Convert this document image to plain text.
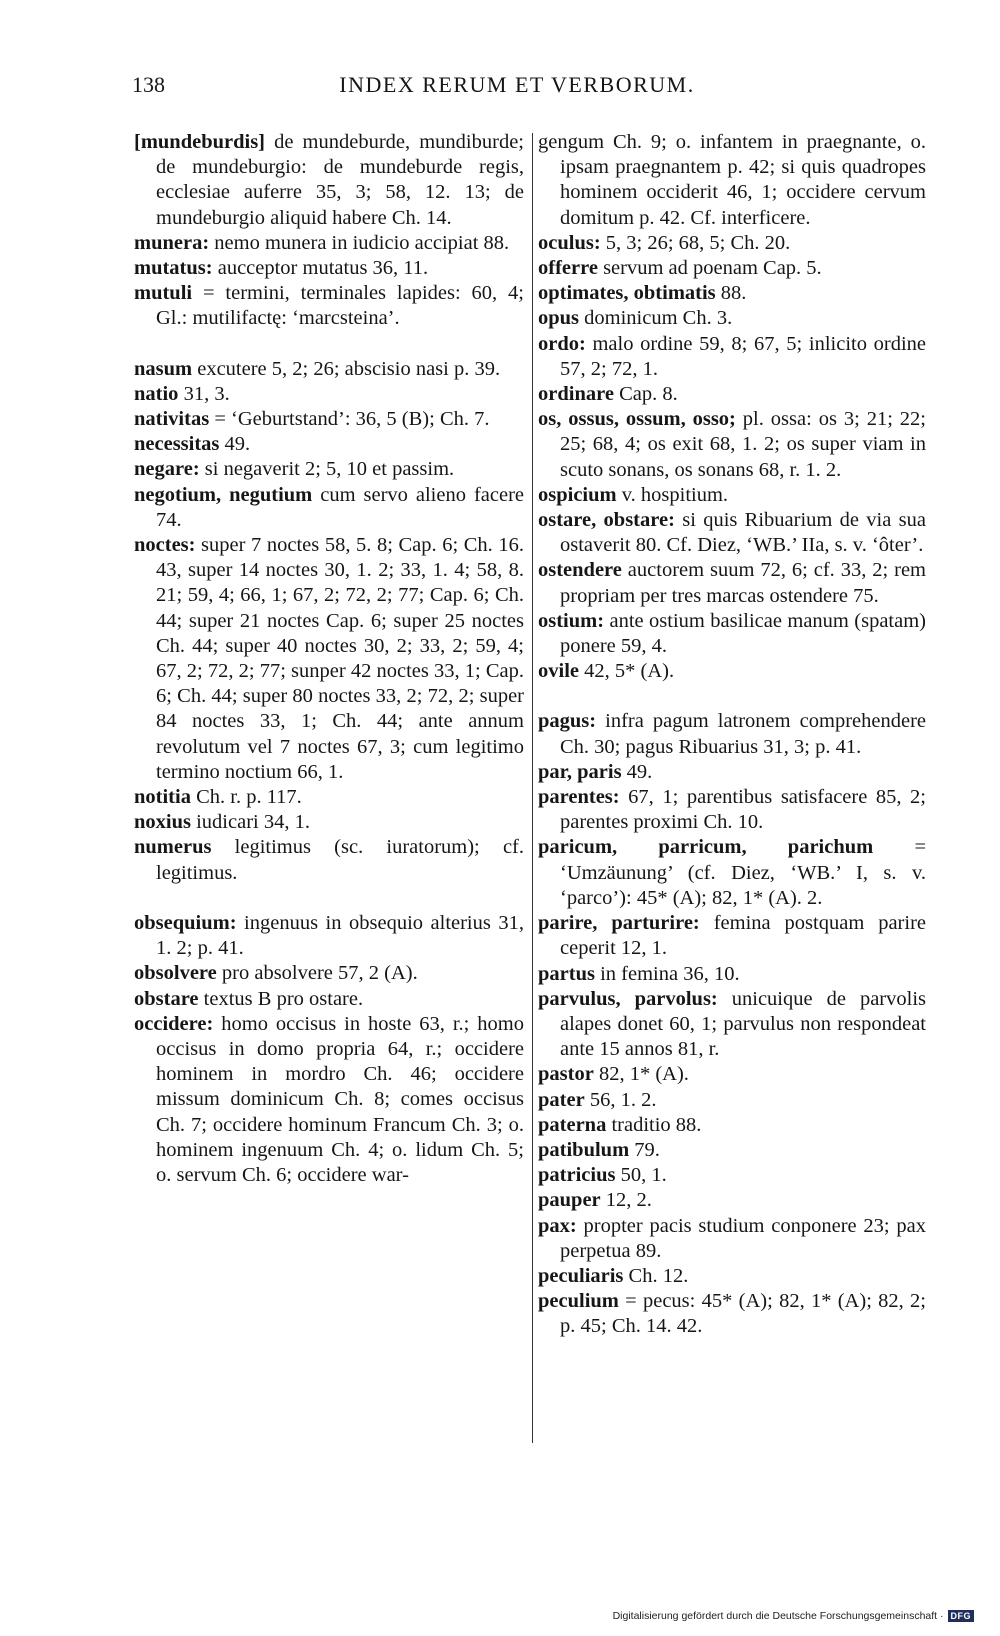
138	INDEX RERUM ET VERBORUM.

[mundeburdis] de mundeburde, mundiburde; de mundeburgio: de mundeburde regis, ecclesiae auferre 35, 3; 58, 12. 13; de mundeburgio aliquid habere Ch. 14.

munera: nemo munera in iudicio accipiat 88.

mutatus: aucceptor mutatus 36, 11.

mutuli = termini, terminales lapides: 60, 4; Gl.: mutilifactę: ‘marcsteina’.

nasum excutere 5, 2; 26; abscisio nasi p. 39.

natio 31, 3.

nativitas = ‘Geburtstand’: 36, 5 (B); Ch. 7.

necessitas 49.

negare: si negaverit 2; 5, 10 et passim.

negotium, negutium cum servo alieno facere 74.

noctes: super 7 noctes 58, 5. 8; Cap. 6; Ch. 16. 43, super 14 noctes 30, 1. 2; 33, 1. 4; 58, 8. 21; 59, 4; 66, 1; 67, 2; 72, 2; 77; Cap. 6; Ch. 44; super 21 noctes Cap. 6; super 25 noctes Ch. 44; super 40 noctes 30, 2; 33, 2; 59, 4; 67, 2; 72, 2; 77; sunper 42 noctes 33, 1; Cap. 6; Ch. 44; super 80 noctes 33, 2; 72, 2; super 84 noctes 33, 1; Ch. 44; ante annum revolutum vel 7 noctes 67, 3; cum legitimo termino noctium 66, 1.

notitia Ch. r. p. 117.

noxius iudicari 34, 1.

numerus legitimus (sc. iuratorum); cf. legitimus.

obsequium: ingenuus in obsequio alterius 31, 1. 2; p. 41.

obsolvere pro absolvere 57, 2 (A).

obstare textus B pro ostare.

occidere: homo occisus in hoste 63, r.; homo occisus in domo propria 64, r.; occidere hominem in mordro Ch. 46; occidere missum dominicum Ch. 8; comes occisus Ch. 7; occidere hominum Francum Ch. 3; o. hominem ingenuum Ch. 4; o. lidum Ch. 5; o. servum Ch. 6; occidere war-

gengum Ch. 9; o. infantem in praegnante, o. ipsam praegnantem p. 42; si quis quadropes hominem occiderit 46, 1; occidere cervum domitum p. 42. Cf. interficere.

oculus: 5, 3; 26; 68, 5; Ch. 20.

offerre servum ad poenam Cap. 5.

optimates, obtimatis 88.

opus dominicum Ch. 3.

ordo: malo ordine 59, 8; 67, 5; inlicito ordine 57, 2; 72, 1.

ordinare Cap. 8.

os, ossus, ossum, osso; pl. ossa: os 3; 21; 22; 25; 68, 4; os exit 68, 1. 2; os super viam in scuto sonans, os sonans 68, r. 1. 2.

ospicium v. hospitium.

ostare, obstare: si quis Ribuarium de via sua ostaverit 80. Cf. Diez, ‘WB.’ IIa, s. v. ‘ôter’.

ostendere auctorem suum 72, 6; cf. 33, 2; rem propriam per tres marcas ostendere 75.

ostium: ante ostium basilicae manum (spatam) ponere 59, 4.

ovile 42, 5* (A).

pagus: infra pagum latronem comprehendere Ch. 30; pagus Ribuarius 31, 3; p. 41.

par, paris 49.

parentes: 67, 1; parentibus satisfacere 85, 2; parentes proximi Ch. 10.

paricum, parricum, parichum = ‘Umzäunung’ (cf. Diez, ‘WB.’ I, s. v. ‘parco’): 45* (A); 82, 1* (A). 2.

parire, parturire: femina postquam parire ceperit 12, 1.

partus in femina 36, 10.

parvulus, parvolus: unicuique de parvolis alapes donet 60, 1; parvulus non respondeat ante 15 annos 81, r.

pastor 82, 1* (A).

pater 56, 1. 2.

paterna traditio 88.

patibulum 79.

patricius 50, 1.

pauper 12, 2.

pax: propter pacis studium conponere 23; pax perpetua 89.

peculiaris Ch. 12.

peculium = pecus: 45* (A); 82, 1* (A); 82, 2; p. 45; Ch. 14. 42.

Digitalisierung gefördert durch die Deutsche Forschungsgemeinschaft · DFG
